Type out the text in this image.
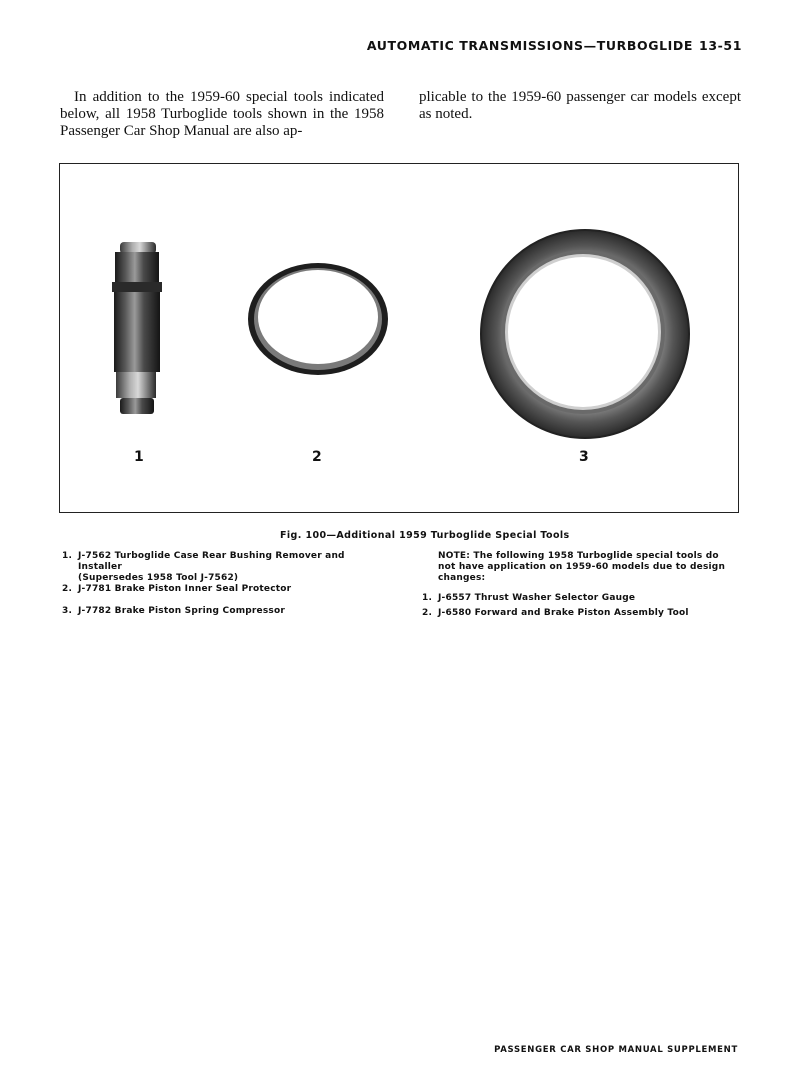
AUTOMATIC TRANSMISSIONS—TURBOGLIDE 13-51
In addition to the 1959-60 special tools indicated below, all 1958 Turboglide tools shown in the 1958 Passenger Car Shop Manual are also ap-
plicable to the 1959-60 passenger car models except as noted.
1	2	3
Fig. 100—Additional 1959 Turboglide Special Tools
1. J-7562 Turboglide Case Rear Bushing Remover and Installer
(Supersedes 1958 Tool J-7562)
2. J-7781 Brake Piston Inner Seal Protector
3. J-7782 Brake Piston Spring Compressor
NOTE: The following 1958 Turboglide special tools do not have application on 1959-60 models due to design changes:
1. J-6557 Thrust Washer Selector Gauge
2. J-6580 Forward and Brake Piston Assembly Tool
PASSENGER CAR SHOP MANUAL SUPPLEMENT
